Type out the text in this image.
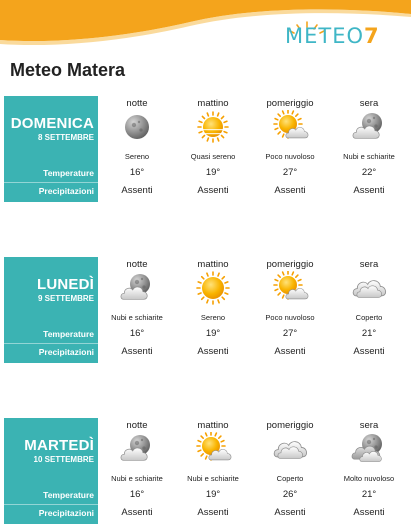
METEO7
Meteo Matera
DOMENICA
8 SETTEMBRE
Temperature
Precipitazioni
notte
Sereno
16°
Assenti
mattino
Quasi sereno
19°
Assenti
pomeriggio
Poco nuvoloso
27°
Assenti
sera
Nubi e schiarite
22°
Assenti
LUNEDÌ
9 SETTEMBRE
Temperature
Precipitazioni
notte
Nubi e schiarite
16°
Assenti
mattino
Sereno
19°
Assenti
pomeriggio
Poco nuvoloso
27°
Assenti
sera
Coperto
21°
Assenti
MARTEDÌ
10 SETTEMBRE
Temperature
Precipitazioni
notte
Nubi e schiarite
16°
Assenti
mattino
Nubi e schiarite
19°
Assenti
pomeriggio
Coperto
26°
Assenti
sera
Molto nuvoloso
21°
Assenti
